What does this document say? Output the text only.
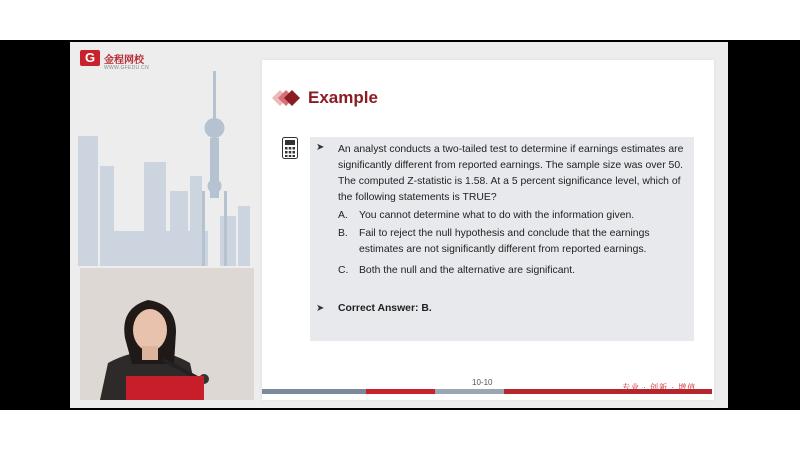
G 金程网校
WWW.GFEDU.CN
Example
➤ An analyst conducts a two-tailed test to determine if earnings estimates are significantly different from reported earnings. The sample size was over 50. The computed Z-statistic is 1.58. At a 5 percent significance level, which of the following statements is TRUE?
A. You cannot determine what to do with the information given.
B. Fail to reject the null hypothesis and conclude that the earnings estimates are not significantly different from reported earnings.
C. Both the null and the alternative are significant.
➤ Correct Answer: B.
10-10
专业 · 创新 · 增值
